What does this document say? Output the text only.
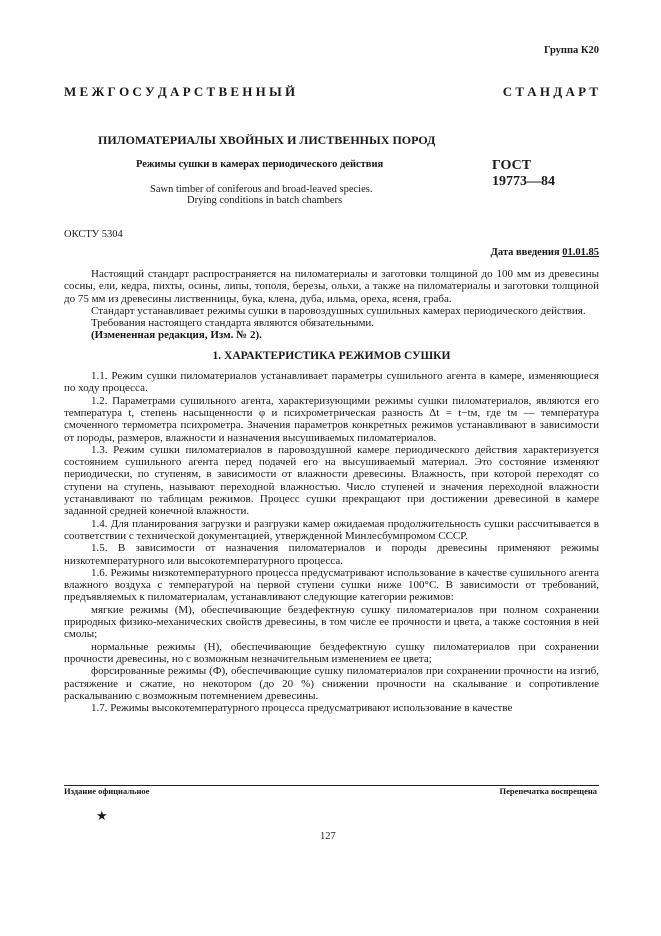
Группа К20
М Е Ж Г О С У Д А Р С Т В Е Н Н Ы Й	С Т А Н Д А Р Т
ПИЛОМАТЕРИАЛЫ ХВОЙНЫХ И ЛИСТВЕННЫХ ПОРОД
Режимы сушки в камерах периодического действия
Sawn timber of coniferous and broad-leaved species.
Drying conditions in batch chambers
ГОСТ
19773—84
ОКСТУ 5304
Дата введения 01.01.85

Настоящий стандарт распространяется на пиломатериалы и заготовки толщиной до 100 мм из древесины сосны, ели, кедра, пихты, осины, липы, тополя, березы, ольхи, а также на пиломатериалы и заготовки толщиной до 75 мм из древесины лиственницы, бука, клена, дуба, ильма, ореха, ясеня, граба.

Стандарт устанавливает режимы сушки в паровоздушных сушильных камерах периодического действия.

Требования настоящего стандарта являются обязательными.

(Измененная редакция, Изм. № 2).

1. ХАРАКТЕРИСТИКА РЕЖИМОВ СУШКИ

1.1. Режим сушки пиломатериалов устанавливает параметры сушильного агента в камере, изменяющиеся по ходу процесса.

1.2. Параметрами сушильного агента, характеризующими режимы сушки пиломатериалов, являются его температура t, степень насыщенности φ и психрометрическая разность Δt = t−tм, где tм — температура смоченного термометра психрометра. Значения параметров конкретных режимов устанавливают в зависимости от породы, размеров, влажности и назначения высушиваемых пиломатериалов.

1.3. Режим сушки пиломатериалов в паровоздушной камере периодического действия характеризуется состоянием сушильного агента перед подачей его на высушиваемый материал. Это состояние изменяют периодически, по ступеням, в зависимости от влажности древесины. Влажность, при которой переходят со ступени на ступень, называют переходной влажностью. Число ступеней и значения переходной влажности устанавливают по таблицам режимов. Процесс сушки прекращают при достижении древесиной в камере заданной средней конечной влажности.

1.4. Для планирования загрузки и разгрузки камер ожидаемая продолжительность сушки рассчитывается в соответствии с технической документацией, утвержденной Минлесбумпромом СССР.

1.5. В зависимости от назначения пиломатериалов и породы древесины применяют режимы низкотемпературного или высокотемпературного процесса.

1.6. Режимы низкотемпературного процесса предусматривают использование в качестве сушильного агента влажного воздуха с температурой на первой ступени сушки ниже 100°С. В зависимости от требований, предъявляемых к пиломатериалам, устанавливают следующие категории режимов:

мягкие режимы (М), обеспечивающие бездефектную сушку пиломатериалов при полном сохранении природных физико-механических свойств древесины, в том числе ее прочности и цвета, а также состояния в ней смолы;

нормальные режимы (Н), обеспечивающие бездефектную сушку пиломатериалов при сохранении прочности древесины, но с возможным незначительным изменением ее цвета;

форсированные режимы (Ф), обеспечивающие сушку пиломатериалов при сохранении прочности на изгиб, растяжение и сжатие, но некотором (до 20 %) снижении прочности на скалывание и сопротивление раскалыванию с возможным потемнением древесины.

1.7. Режимы высокотемпературного процесса предусматривают использование в качестве

Издание официальное	Перепечатка воспрещена
★
127
